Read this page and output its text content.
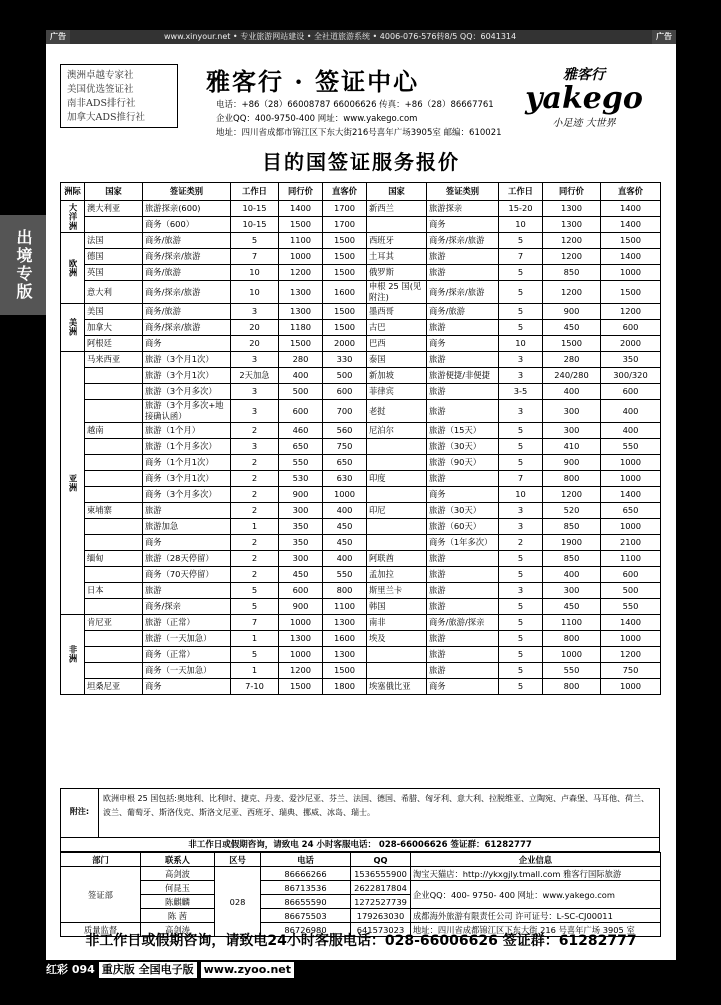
广告	www.xinyour.net • 专业旅游网站建设 • 全社道旅游系统 • 4006-076-576转8/5 QQ：6041314	广告
出境专版
澳洲卓越专家社
美国优选签证社
南非ADS排行社
加拿大ADS推行社
雅客行 · 签证中心
电话：+86（28）66008787 66006626 传真：+86（28）86667761
企业QQ：400-9750-400 网址：www.yakego.com
地址：四川省成都市锦江区下东大街216号喜年广场3905室 邮编：610021
雅客行
yakego
小足迹 大世界
目的国签证服务报价
洲际	国家	签证类别	工作日	同行价	直客价	国家	签证类别	工作日	同行价	直客价
大洋洲	澳大利亚	旅游探亲(600)	10-15	1400	1700	新西兰	旅游探亲	15-20	1300	1400
		商务（600）	10-15	1500	1700		商务	10	1300	1400
欧洲	法国	商务/旅游	5	1100	1500	西班牙	商务/探亲/旅游	5	1200	1500
	德国	商务/探亲/旅游	7	1000	1500	土耳其	旅游	7	1200	1400
	英国	商务/旅游	10	1200	1500	俄罗斯	旅游	5	850	1000
	意大利	商务/探亲/旅游	10	1300	1600	申根 25 国(见附注)	商务/探亲/旅游	5	1200	1500
美洲	美国	商务/旅游	3	1300	1500	墨西哥	商务/旅游	5	900	1200
	加拿大	商务/探亲/旅游	20	1180	1500	古巴	旅游	5	450	600
	阿根廷	商务	20	1500	2000	巴西	商务	10	1500	2000
亚洲	马来西亚	旅游（3个月1次）	3	280	330	泰国	旅游	3	280	350
		旅游（3个月1次）	2天加急	400	500	新加坡	旅游便捷/非便捷	3	240/280	300/320
		旅游（3个月多次）	3	500	600	菲律宾	旅游	3-5	400	600
		旅游（3个月多次+地接确认函）	3	600	700	老挝	旅游	3	300	400
	越南	旅游（1个月）	2	460	560	尼泊尔	旅游（15天）	5	300	400
		旅游（1个月多次）	3	650	750		旅游（30天）	5	410	550
		商务（1个月1次）	2	550	650		旅游（90天）	5	900	1000
		商务（3个月1次）	2	530	630	印度	旅游	7	800	1000
		商务（3个月多次）	2	900	1000		商务	10	1200	1400
	柬埔寨	旅游	2	300	400	印尼	旅游（30天）	3	520	650
		旅游加急	1	350	450		旅游（60天）	3	850	1000
		商务	2	350	450		商务（1年多次）	2	1900	2100
	缅甸	旅游（28天停留）	2	300	400	阿联酋	旅游	5	850	1100
		商务（70天停留）	2	450	550	孟加拉	旅游	5	400	600
	日本	旅游	5	600	800	斯里兰卡	旅游	3	300	500
		商务/探亲	5	900	1100	韩国	旅游	5	450	550
非洲	肯尼亚	旅游（正常）	7	1000	1300	南非	商务/旅游/探亲	5	1100	1400
		旅游（一天加急）	1	1300	1600	埃及	旅游	5	800	1000
		商务（正常）	5	1000	1300		旅游	5	1000	1200
		商务（一天加急）	1	1200	1500		旅游	5	550	750
	坦桑尼亚	商务	7-10	1500	1800	埃塞俄比亚	商务	5	800	1000
附注:
欧洲申根 25 国包括:奥地利、比利时、捷克、丹麦、爱沙尼亚、芬兰、法国、德国、希腊、匈牙利、意大利、拉脱维亚、立陶宛、卢森堡、马耳他、荷兰、波兰、葡萄牙、斯洛伐克、斯洛文尼亚、西班牙、瑞典、挪威、冰岛、瑞士。
非工作日或假期咨询，请致电 24 小时客服电话： 028-66006626 签证群：61282777
部门	联系人	区号	电话	QQ	企业信息
签证部	高剑波	028	86666266	1536555900	淘宝天猫店：http://ykxgjly.tmall.com 雅客行国际旅游
	何昆玉		86713536	2622817804	企业QQ：400- 9750- 400 网址：www.yakego.com
	陈麒麟		86655590	1272527739	
	陈 茜		86675503	179263030	成都海外旅游有限责任公司 许可证号：L-SC-CJ00011
质量监督	高剑涛		86726980	641573023	地址：四川省成都锦江区下东大街 216 号喜年广场 3905 室
非工作日或假期咨询，请致电24小时客服电话：028-66006626 签证群：61282777
红彩 094 重庆版 全国电子版 www.zyoo.net
